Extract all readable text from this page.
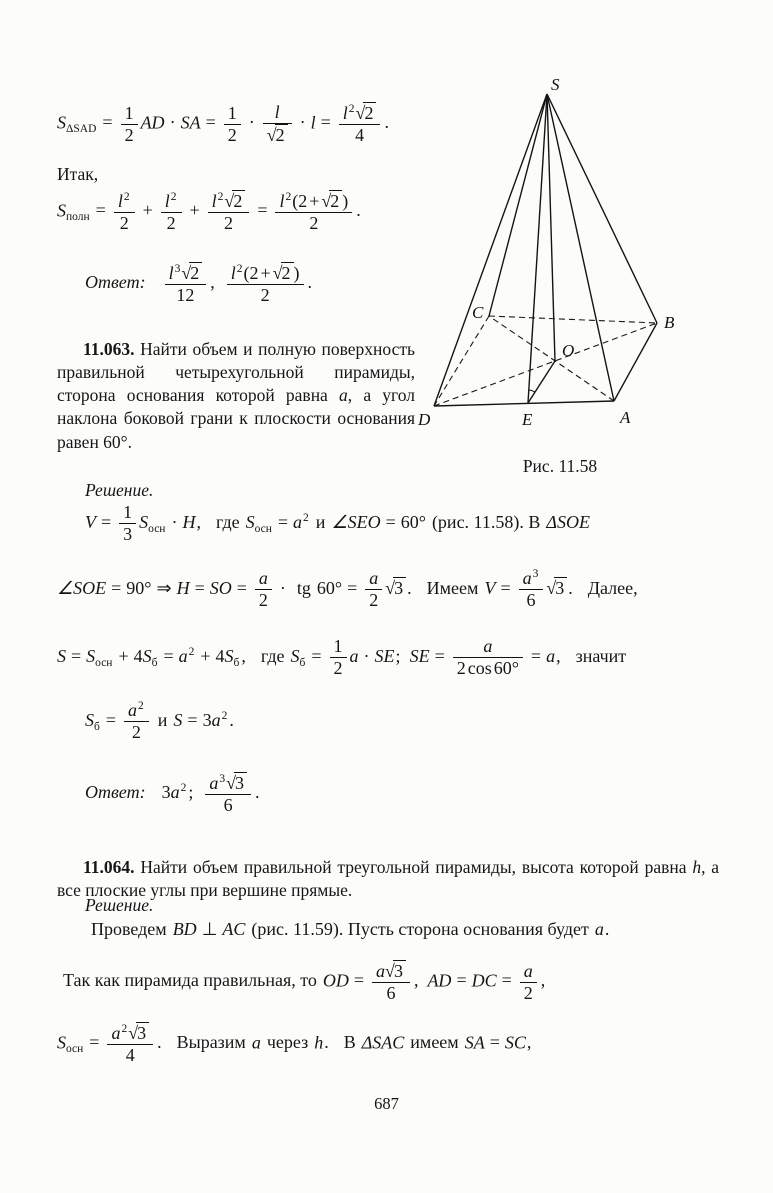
$S_{\Delta SAD} = \frac{1}{2}$ AD · SA = $\frac{1}{2} \cdot \frac{l}{√2} \cdot l = \frac{l^2√2}{4}$ .
Итак,
$S_{полн} = \frac{l^2}{2} + \frac{l^2}{2} + \frac{l^2√2}{2} = \frac{l^2(2 + √2 )}{2}$ .
Ответ: $\frac{l^3√2}{12}$ , $\frac{l^2(2 + √2 )}{2}$ .

11.063. Найти объем и полную поверхность правильной четырехугольной пирамиды, сторона основания которой равна a, а угол наклона боковой грани к плоскости основания равен 60°.

Решение.
S
C
B
O
D	E	A
Рис. 11.58
$V = \frac{1}{3} S_{осн} \cdot H$, где $S_{осн} = a^2$ и ∠SEO = 60° (рис. 11.58). В ΔSOE
∠SOE = 90° ⇒ H = SO = $\frac{a}{2}$ · tg $60^\circ = \frac{a}{2} √3$ . Имеем $V = \frac{a^3}{6} √3$ . Далее,
$S = S_{осн} + 4S_б = a^2 + 4S_б$ , где $S_б = \frac{1}{2}$ a · SE; SE = $\frac{a}{2 \cos 60^\circ} = a$, значит
$S_б = \frac{a^2}{2}$ и $S = 3a^2$ .
Ответ: $3a^2$ ; $\frac{a^3√3}{6}$ .

11.064. Найти объем правильной треугольной пирамиды, высота которой равна h, а все плоские углы при вершине прямые.

Решение.
Проведем BD ⊥ AC (рис. 11.59). Пусть сторона основания будет a.
Так как пирамида правильная, то OD = $\frac{a√3}{6}$ , AD = DC = $\frac{a}{2}$ ,
$S_{осн} = \frac{a^2√3}{4}$ . Выразим a через h. В ΔSAC имеем SA = SC,
687
